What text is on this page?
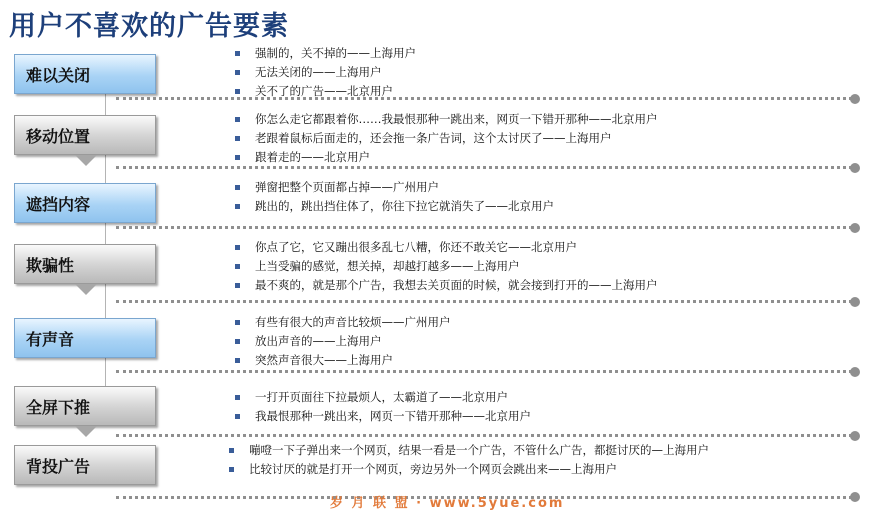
用户不喜欢的广告要素
难以关闭
强制的，关不掉的——上海用户
无法关闭的——上海用户
关不了的广告——北京用户
移动位置
你怎么走它都跟着你……我最恨那种一跳出来，网页一下错开那种——北京用户
老跟着鼠标后面走的，还会拖一条广告词，这个太讨厌了——上海用户
跟着走的——北京用户
遮挡内容
弹窗把整个页面都占掉——广州用户
跳出的，跳出挡住体了，你往下拉它就消失了——北京用户
欺骗性
你点了它，它又蹦出很多乱七八糟，你还不敢关它——北京用户
上当受骗的感觉，想关掉，却越打越多——上海用户
最不爽的，就是那个广告，我想去关页面的时候，就会接到打开的——上海用户
有声音
有些有很大的声音比较烦——广州用户
放出声音的——上海用户
突然声音很大——上海用户
全屏下推
一打开页面往下拉最烦人，太霸道了——北京用户
我最恨那种一跳出来，网页一下错开那种——北京用户
背投广告
嘣噔一下子弹出来一个网页，结果一看是一个广告，不管什么广告，都挺讨厌的—上海用户
比较讨厌的就是打开一个网页，旁边另外一个网页会跳出来——上海用户
岁 月 联 盟 · www.5yue.com
